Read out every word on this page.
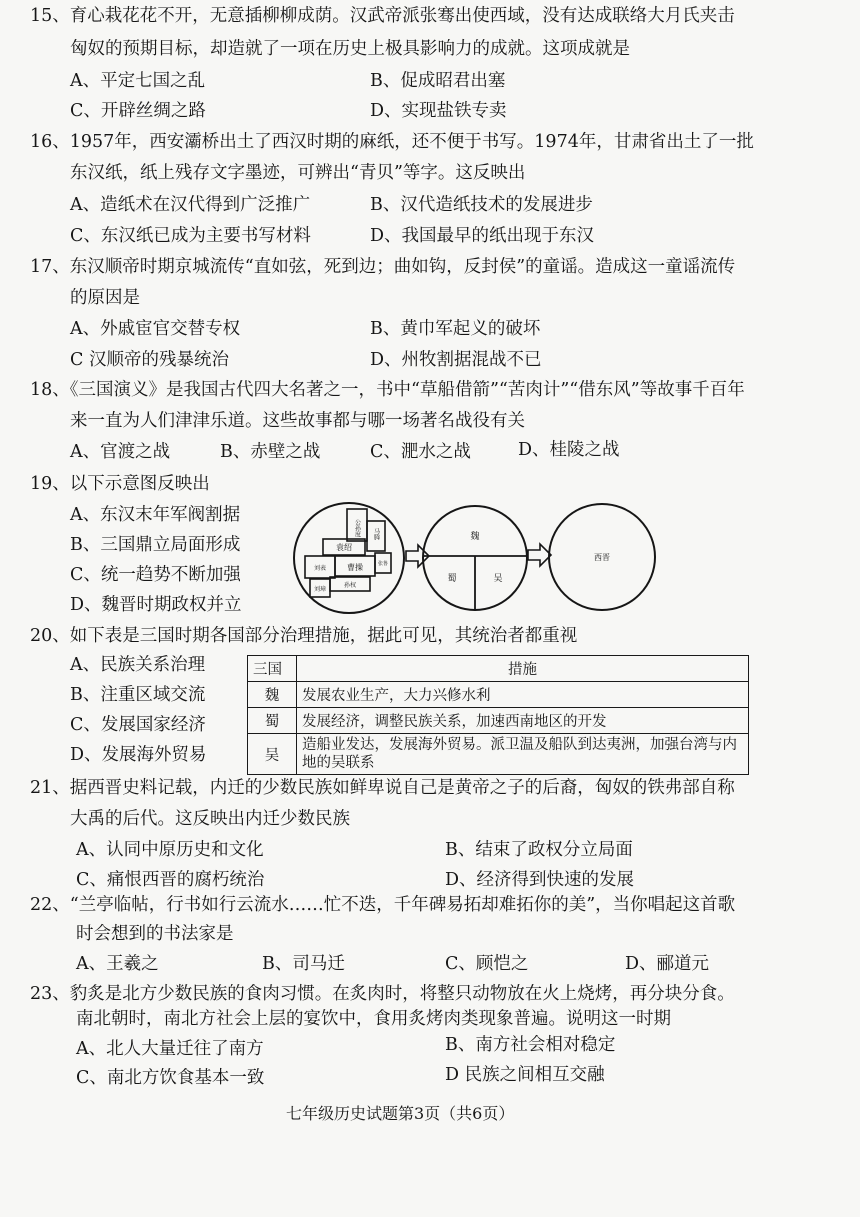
15、育心栽花花不开，无意插柳柳成荫。汉武帝派张骞出使西域，没有达成联络大月氏夹击
匈奴的预期目标，却造就了一项在历史上极具影响力的成就。这项成就是
A、平定七国之乱	B、促成昭君出塞
C、开辟丝绸之路	D、实现盐铁专卖
16、1957年，西安灞桥出土了西汉时期的麻纸，还不便于书写。1974年，甘肃省出土了一批
东汉纸，纸上残存文字墨迹，可辨出“青贝”等字。这反映出
A、造纸术在汉代得到广泛推广	B、汉代造纸技术的发展进步
C、东汉纸已成为主要书写材料	D、我国最早的纸出现于东汉
17、东汉顺帝时期京城流传“直如弦，死到边；曲如钩，反封侯”的童谣。造成这一童谣流传
的原因是
A、外戚宦官交替专权	B、黄巾军起义的破坏
C 汉顺帝的残暴统治	D、州牧割据混战不已
18、《三国演义》是我国古代四大名著之一，书中“草船借箭”“苦肉计”“借东风”等故事千百年
来一直为人们津津乐道。这些故事都与哪一场著名战役有关
A、官渡之战	B、赤壁之战	C、淝水之战	D、桂陵之战
19、以下示意图反映出
A、东汉末年军阀割据
B、三国鼎立局面形成
C、统一趋势不断加强
D、魏晋时期政权并立
公孙度 马腾
袁绍
曹操
刘表
孙权
刘璋
张鲁
魏
蜀	吴
西晋
20、如下表是三国时期各国部分治理措施，据此可见，其统治者都重视
A、民族关系治理
B、注重区域交流
C、发展国家经济
D、发展海外贸易
三国	措施
魏	发展农业生产，大力兴修水利
蜀	发展经济，调整民族关系，加速西南地区的开发
吴	造船业发达，发展海外贸易。派卫温及船队到达夷洲，加强台湾与内地的吴联系
21、据西晋史料记载，内迁的少数民族如鲜卑说自己是黄帝之子的后裔，匈奴的铁弗部自称
大禹的后代。这反映出内迁少数民族
A、认同中原历史和文化	B、结束了政权分立局面
C、痛恨西晋的腐朽统治	D、经济得到快速的发展
22、“兰亭临帖，行书如行云流水……忙不迭，千年碑易拓却难拓你的美”，当你唱起这首歌
时会想到的书法家是
A、王羲之	B、司马迁	C、顾恺之	D、郦道元
23、豹炙是北方少数民族的食肉习惯。在炙肉时，将整只动物放在火上烧烤，再分块分食。
南北朝时，南北方社会上层的宴饮中，食用炙烤肉类现象普遍。说明这一时期
A、北人大量迁往了南方	B、南方社会相对稳定
C、南北方饮食基本一致	D 民族之间相互交融
七年级历史试题第3页（共6页）
